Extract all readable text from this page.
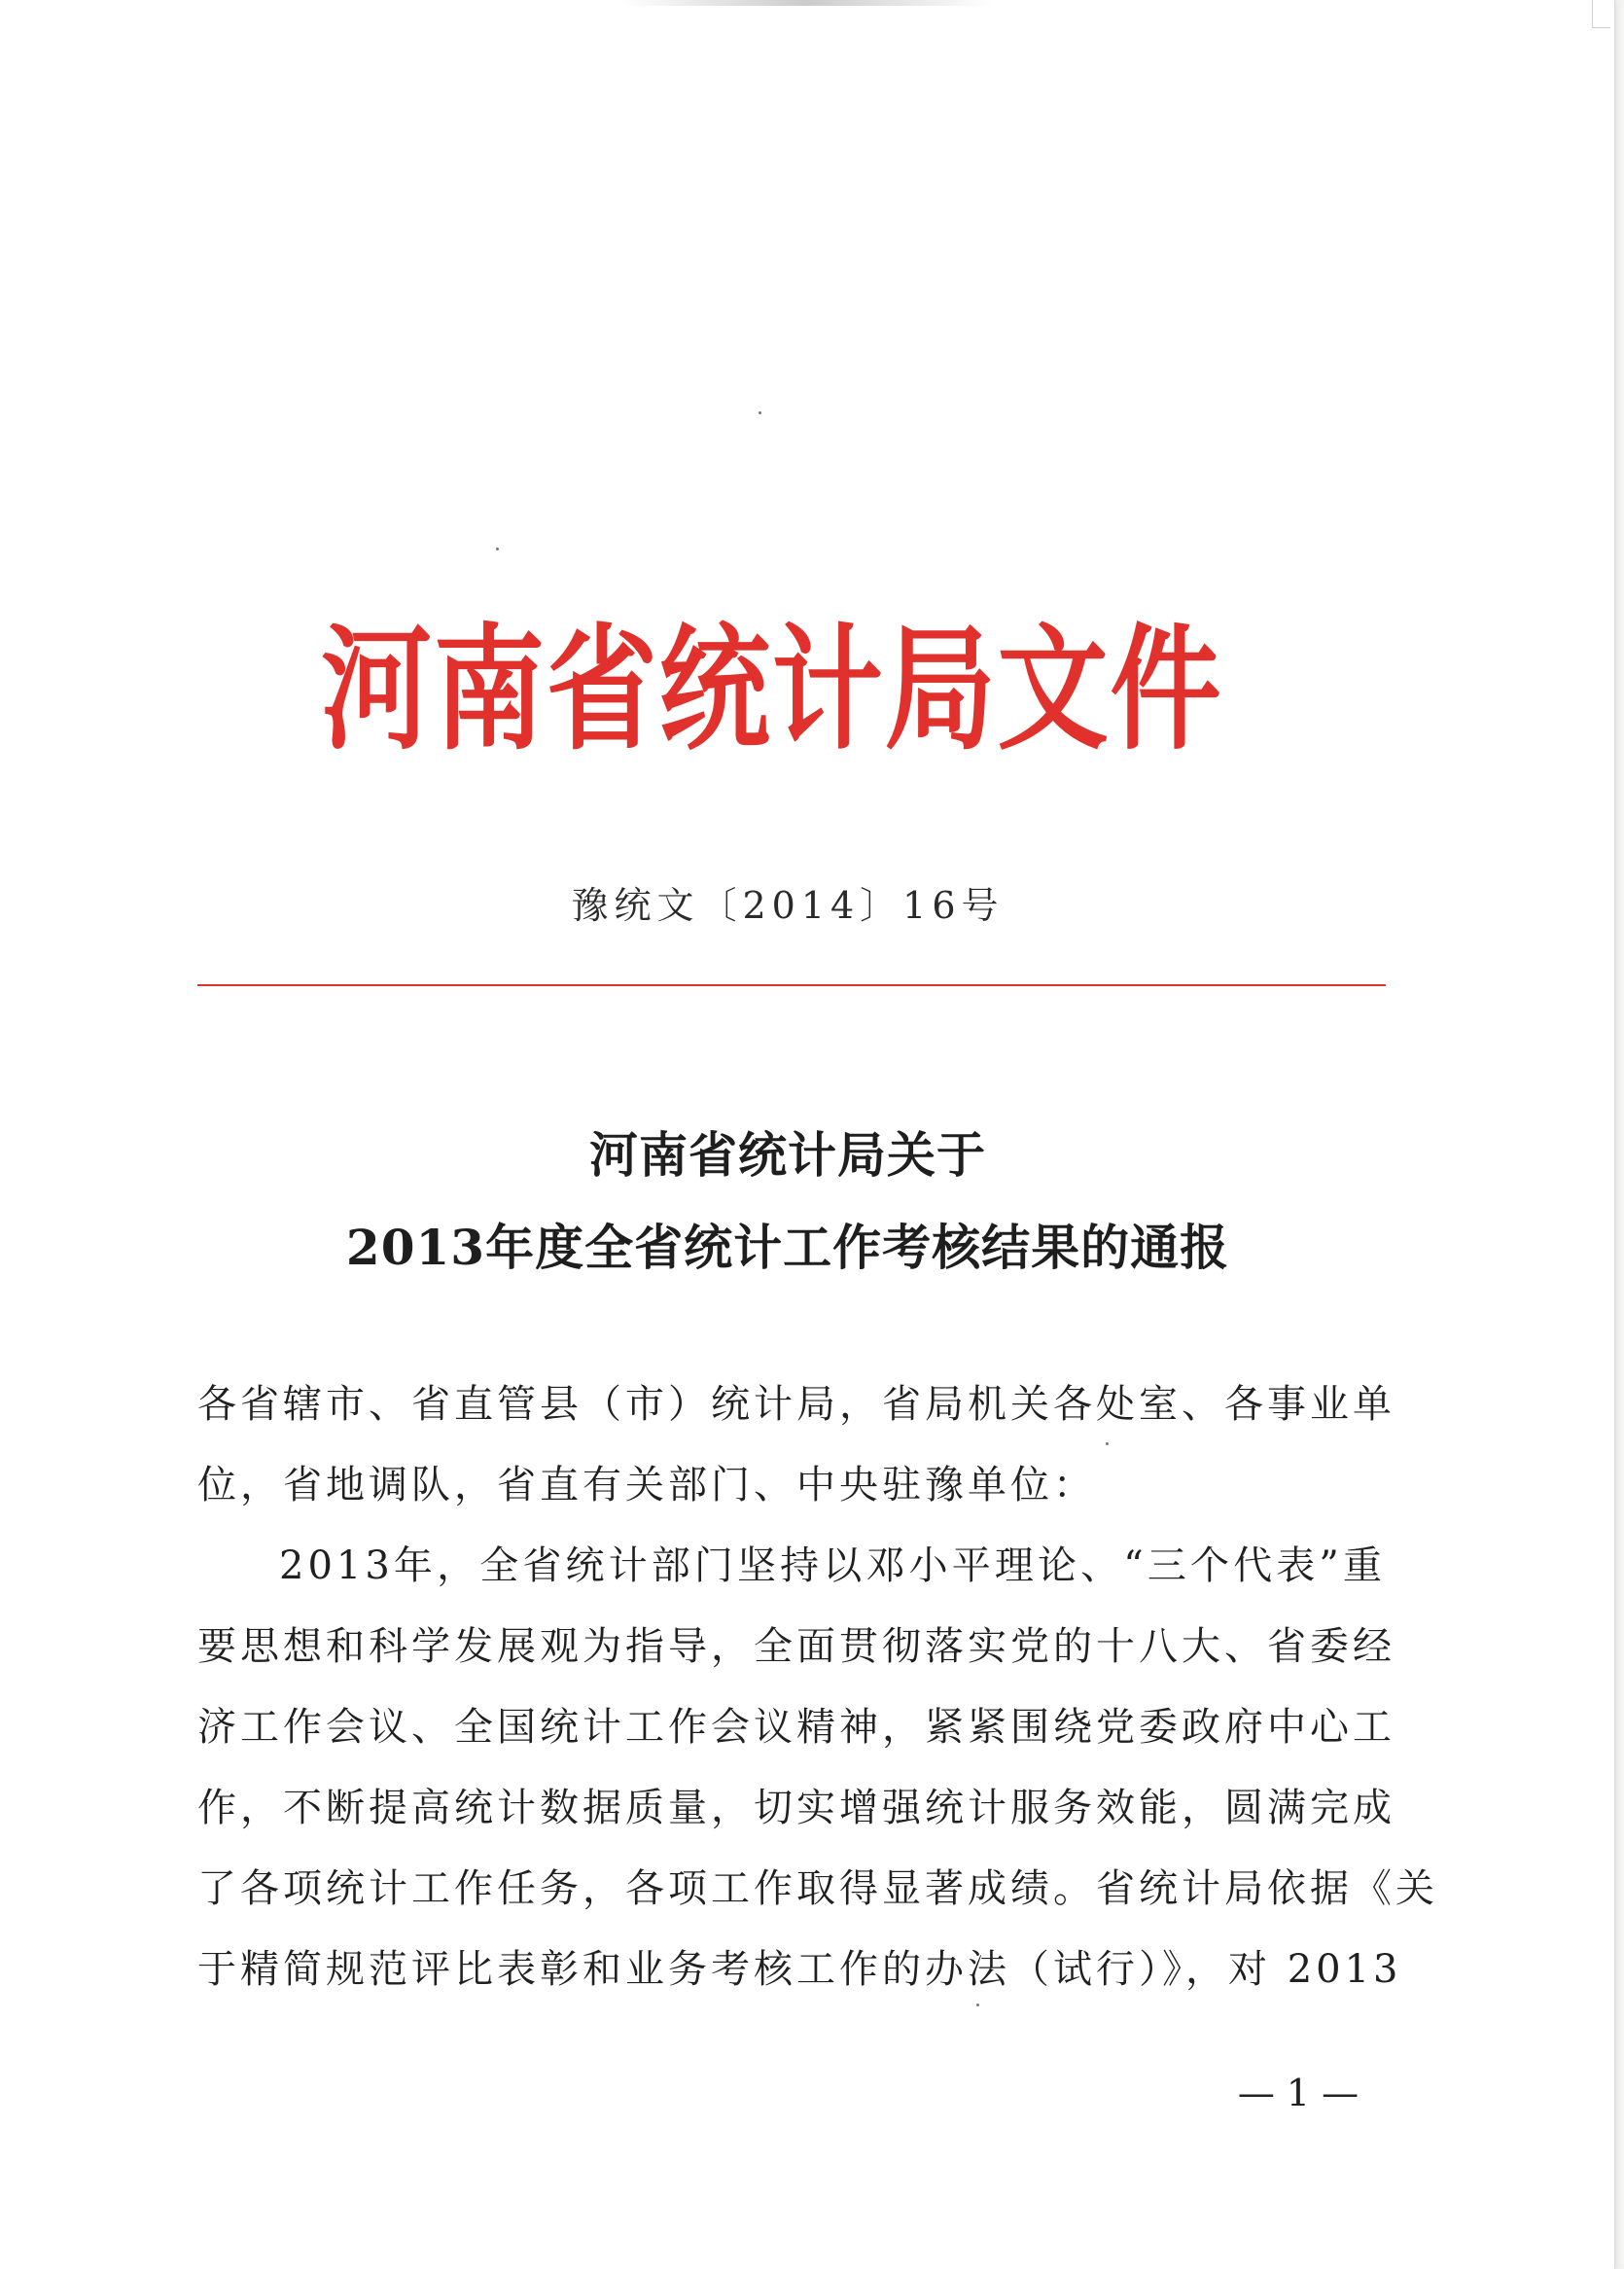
河南省统计局文件
豫统文〔2014〕16号
河南省统计局关于
2013年度全省统计工作考核结果的通报
各省辖市、省直管县（市）统计局，省局机关各处室、各事业单
位，省地调队，省直有关部门、中央驻豫单位：
2013年，全省统计部门坚持以邓小平理论、“三个代表”重
要思想和科学发展观为指导，全面贯彻落实党的十八大、省委经
济工作会议、全国统计工作会议精神，紧紧围绕党委政府中心工
作，不断提高统计数据质量，切实增强统计服务效能，圆满完成
了各项统计工作任务，各项工作取得显著成绩。省统计局依据《关
于精简规范评比表彰和业务考核工作的办法（试行）》，对 2013
— 1 —
